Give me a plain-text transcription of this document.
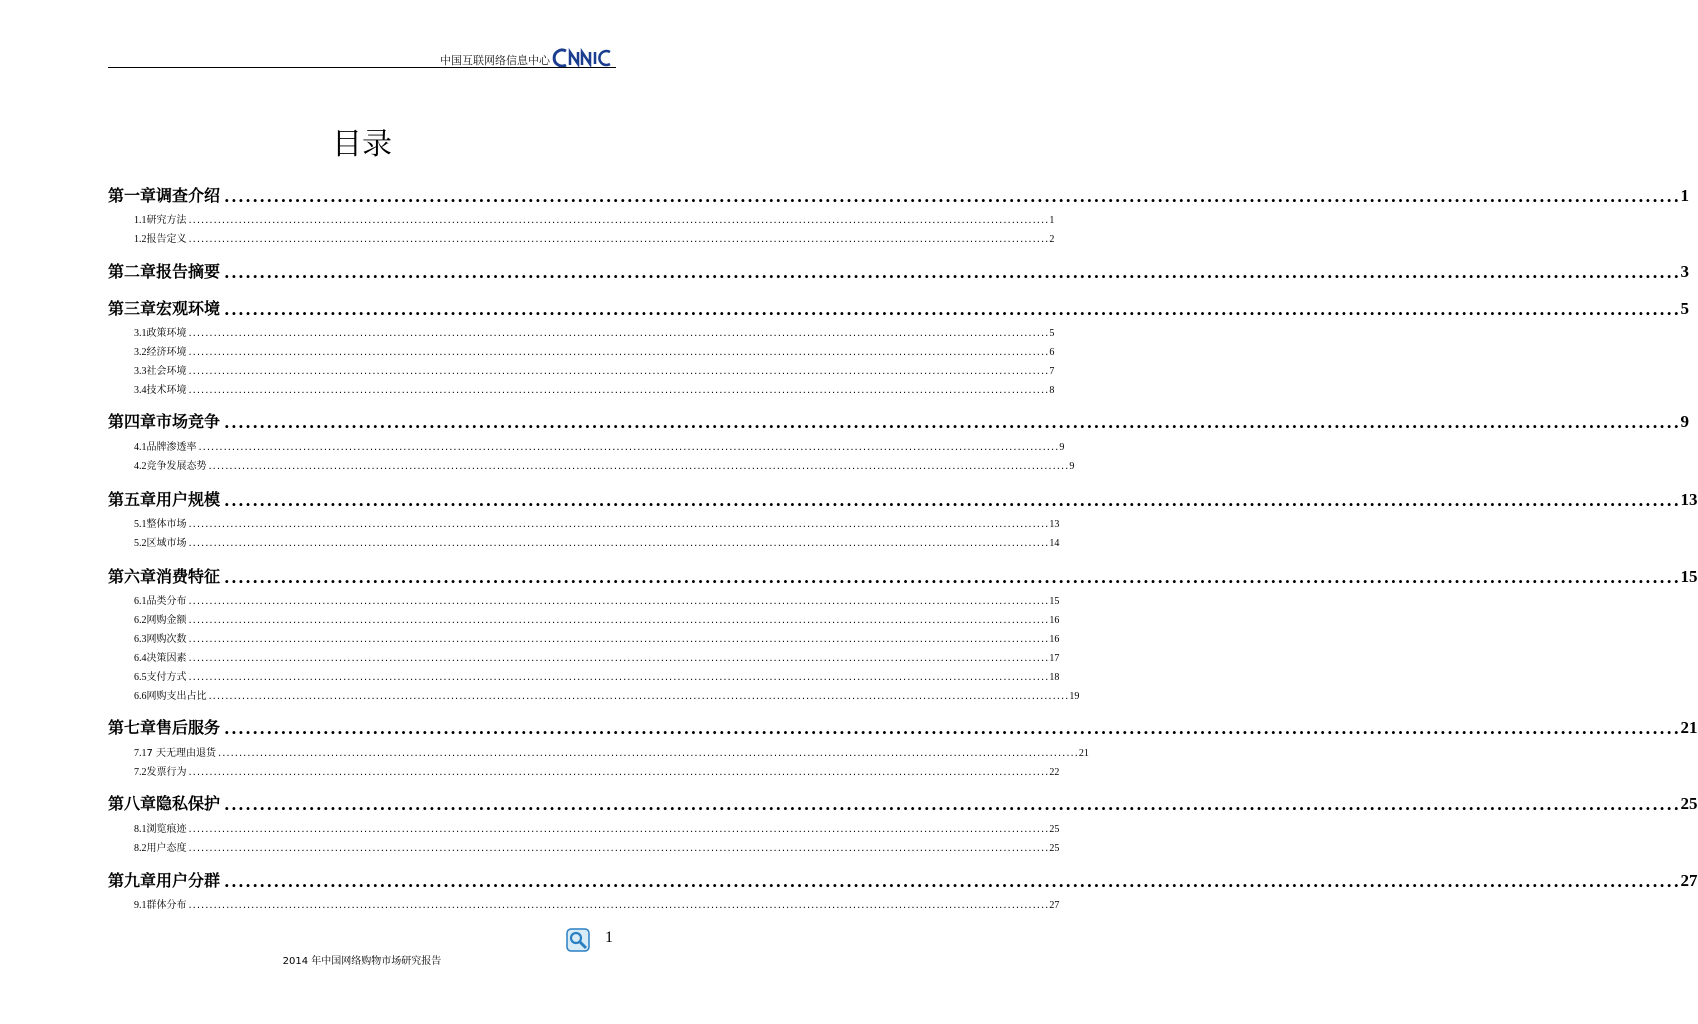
中国互联网络信息中心
目录
第一章 调查介绍 .............................................................................................................................................................................................................. 1
1.1 研究方法 .............................................................................................................................................................................................................. 1
1.2 报告定义 .............................................................................................................................................................................................................. 2
第二章 报告摘要 .............................................................................................................................................................................................................. 3
第三章 宏观环境 .............................................................................................................................................................................................................. 5
3.1 政策环境 .............................................................................................................................................................................................................. 5
3.2 经济环境 .............................................................................................................................................................................................................. 6
3.3 社会环境 .............................................................................................................................................................................................................. 7
3.4 技术环境 .............................................................................................................................................................................................................. 8
第四章 市场竞争 .............................................................................................................................................................................................................. 9
4.1 品牌渗透率 .............................................................................................................................................................................................................. 9
4.2 竞争发展态势 .............................................................................................................................................................................................................. 9
第五章 用户规模 .............................................................................................................................................................................................................. 13
5.1 整体市场 .............................................................................................................................................................................................................. 13
5.2 区域市场 .............................................................................................................................................................................................................. 14
第六章 消费特征 .............................................................................................................................................................................................................. 15
6.1 品类分布 .............................................................................................................................................................................................................. 15
6.2 网购金额 .............................................................................................................................................................................................................. 16
6.3 网购次数 .............................................................................................................................................................................................................. 16
6.4 决策因素 .............................................................................................................................................................................................................. 17
6.5 支付方式 .............................................................................................................................................................................................................. 18
6.6 网购支出占比 .............................................................................................................................................................................................................. 19
第七章 售后服务 .............................................................................................................................................................................................................. 21
7.1 7 天无理由退货 .............................................................................................................................................................................................................. 21
7.2 发票行为 .............................................................................................................................................................................................................. 22
第八章 隐私保护 .............................................................................................................................................................................................................. 25
8.1 浏览痕迹 .............................................................................................................................................................................................................. 25
8.2 用户态度 .............................................................................................................................................................................................................. 25
第九章 用户分群 .............................................................................................................................................................................................................. 27
9.1 群体分布 .............................................................................................................................................................................................................. 27
1
2014 年中国网络购物市场研究报告
